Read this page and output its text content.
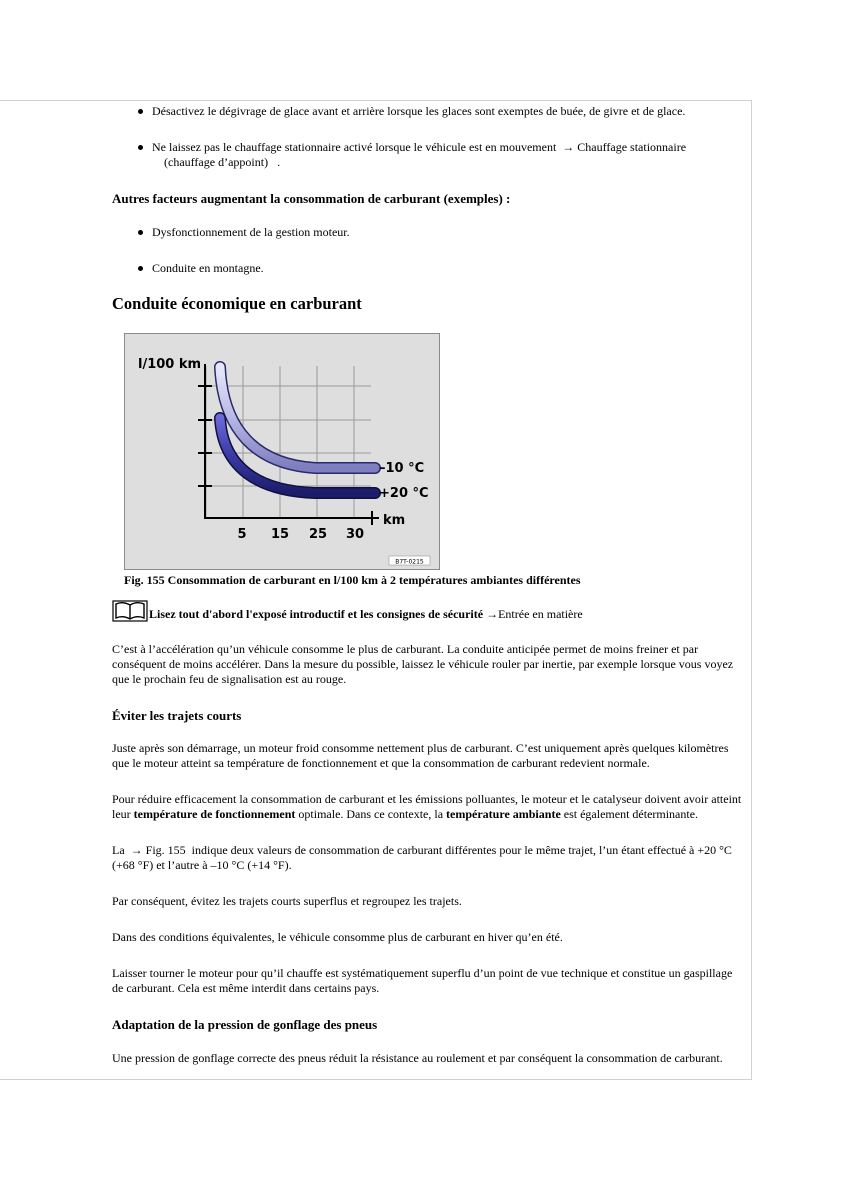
Désactivez le dégivrage de glace avant et arrière lorsque les glaces sont exemptes de buée, de givre et de glace.
Ne laissez pas le chauffage stationnaire activé lorsque le véhicule est en mouvement → Chauffage stationnaire
(chauffage d’appoint) .
Autres facteurs augmentant la consommation de carburant (exemples) :
Dysfonctionnement de la gestion moteur.
Conduite en montagne.
Conduite économique en carburant
l/100 km
km
5 15 25 30
–10 °C
+20 °C
B7T-0215

Fig. 155 Consommation de carburant en l/100 km à 2 températures ambiantes différentes

Lisez tout d'abord l'exposé introductif et les consignes de sécurité
→ Entrée en matière

C’est à l’accélération qu’un véhicule consomme le plus de carburant. La conduite anticipée permet de moins freiner et par conséquent de moins accélérer. Dans la mesure du possible, laissez le véhicule rouler par inertie, par exemple lorsque vous voyez que le prochain feu de signalisation est au rouge.

Éviter les trajets courts

Juste après son démarrage, un moteur froid consomme nettement plus de carburant. C’est uniquement après quelques kilomètres que le moteur atteint sa température de fonctionnement et que la consommation de carburant redevient normale.

Pour réduire efficacement la consommation de carburant et les émissions polluantes, le moteur et le catalyseur doivent avoir atteint leur température de fonctionnement optimale. Dans ce contexte, la température ambiante est également déterminante.

La → Fig. 155 indique deux valeurs de consommation de carburant différentes pour le même trajet, l’un étant effectué à +20 °C (+68 °F) et l’autre à –10 °C (+14 °F).

Par conséquent, évitez les trajets courts superflus et regroupez les trajets.

Dans des conditions équivalentes, le véhicule consomme plus de carburant en hiver qu’en été.

Laisser tourner le moteur pour qu’il chauffe est systématiquement superflu d’un point de vue technique et constitue un gaspillage de carburant. Cela est même interdit dans certains pays.

Adaptation de la pression de gonflage des pneus

Une pression de gonflage correcte des pneus réduit la résistance au roulement et par conséquent la consommation de carburant.
